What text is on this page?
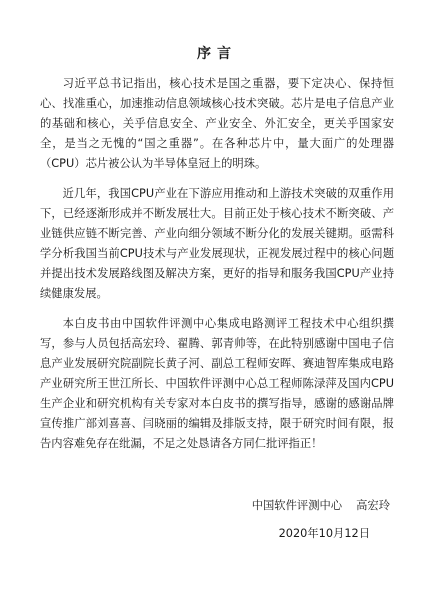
序言

习近平总书记指出，核心技术是国之重器，要下定决心、保持恒心、找准重心，加速推动信息领域核心技术突破。芯片是电子信息产业的基础和核心，关乎信息安全、产业安全、外汇安全，更关乎国家安全，是当之无愧的“国之重器”。在各种芯片中，量大面广的处理器（CPU）芯片被公认为半导体皇冠上的明珠。

近几年，我国CPU产业在下游应用推动和上游技术突破的双重作用下，已经逐渐形成并不断发展壮大。目前正处于核心技术不断突破、产业链供应链不断完善、产业向细分领域不断分化的发展关键期。亟需科学分析我国当前CPU技术与产业发展现状，正视发展过程中的核心问题并提出技术发展路线图及解决方案，更好的指导和服务我国CPU产业持续健康发展。

本白皮书由中国软件评测中心集成电路测评工程技术中心组织撰写，参与人员包括高宏玲、翟腾、郭青帅等，在此特别感谢中国电子信息产业发展研究院副院长黄子河、副总工程师安晖、赛迪智库集成电路产业研究所王世江所长、中国软件评测中心总工程师陈渌萍及国内CPU生产企业和研究机构有关专家对本白皮书的撰写指导，感谢的感谢品牌宣传推广部刘喜喜、闫晓丽的编辑及排版支持，限于研究时间有限，报告内容难免存在纰漏，不足之处恳请各方同仁批评指正！

中国软件评测中心 高宏玲
2020年10月12日
